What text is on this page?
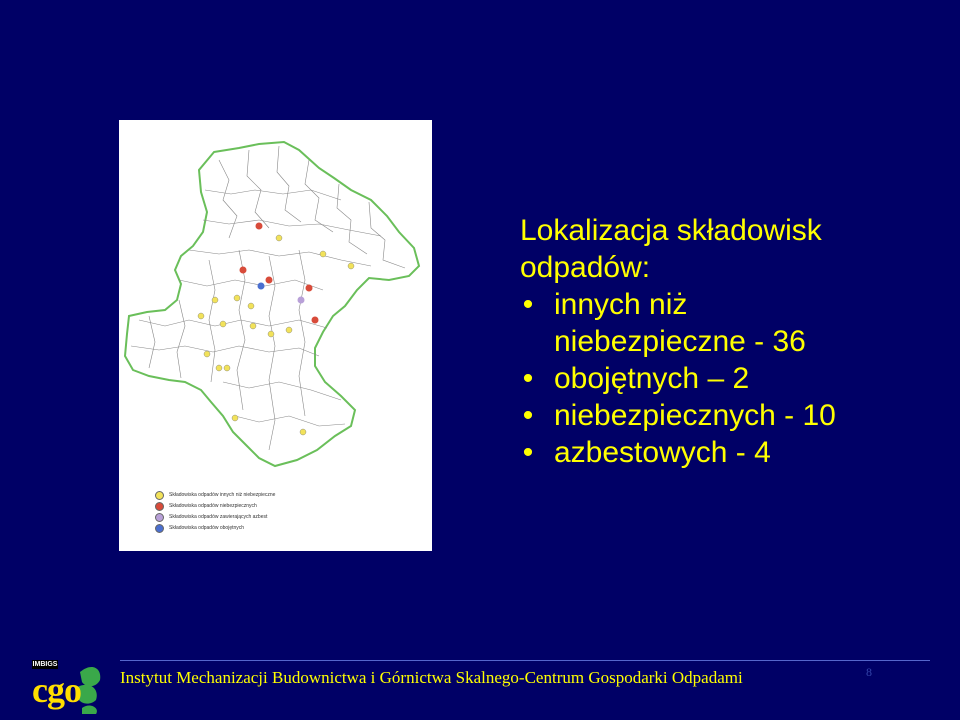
Składowiska odpadów innych niż niebezpieczne
Składowiska odpadów niebezpiecznych
Składowiska odpadów zawierających azbest
Składowiska odpadów obojętnych
Lokalizacja składowisk
odpadów:
• innych niż
niebezpieczne - 36
• obojętnych – 2
• niebezpiecznych - 10
• azbestowych - 4
IMBIGS
cgo Instytut Mechanizacji Budownictwa i Górnictwa Skalnego-Centrum Gospodarki Odpadami	8
